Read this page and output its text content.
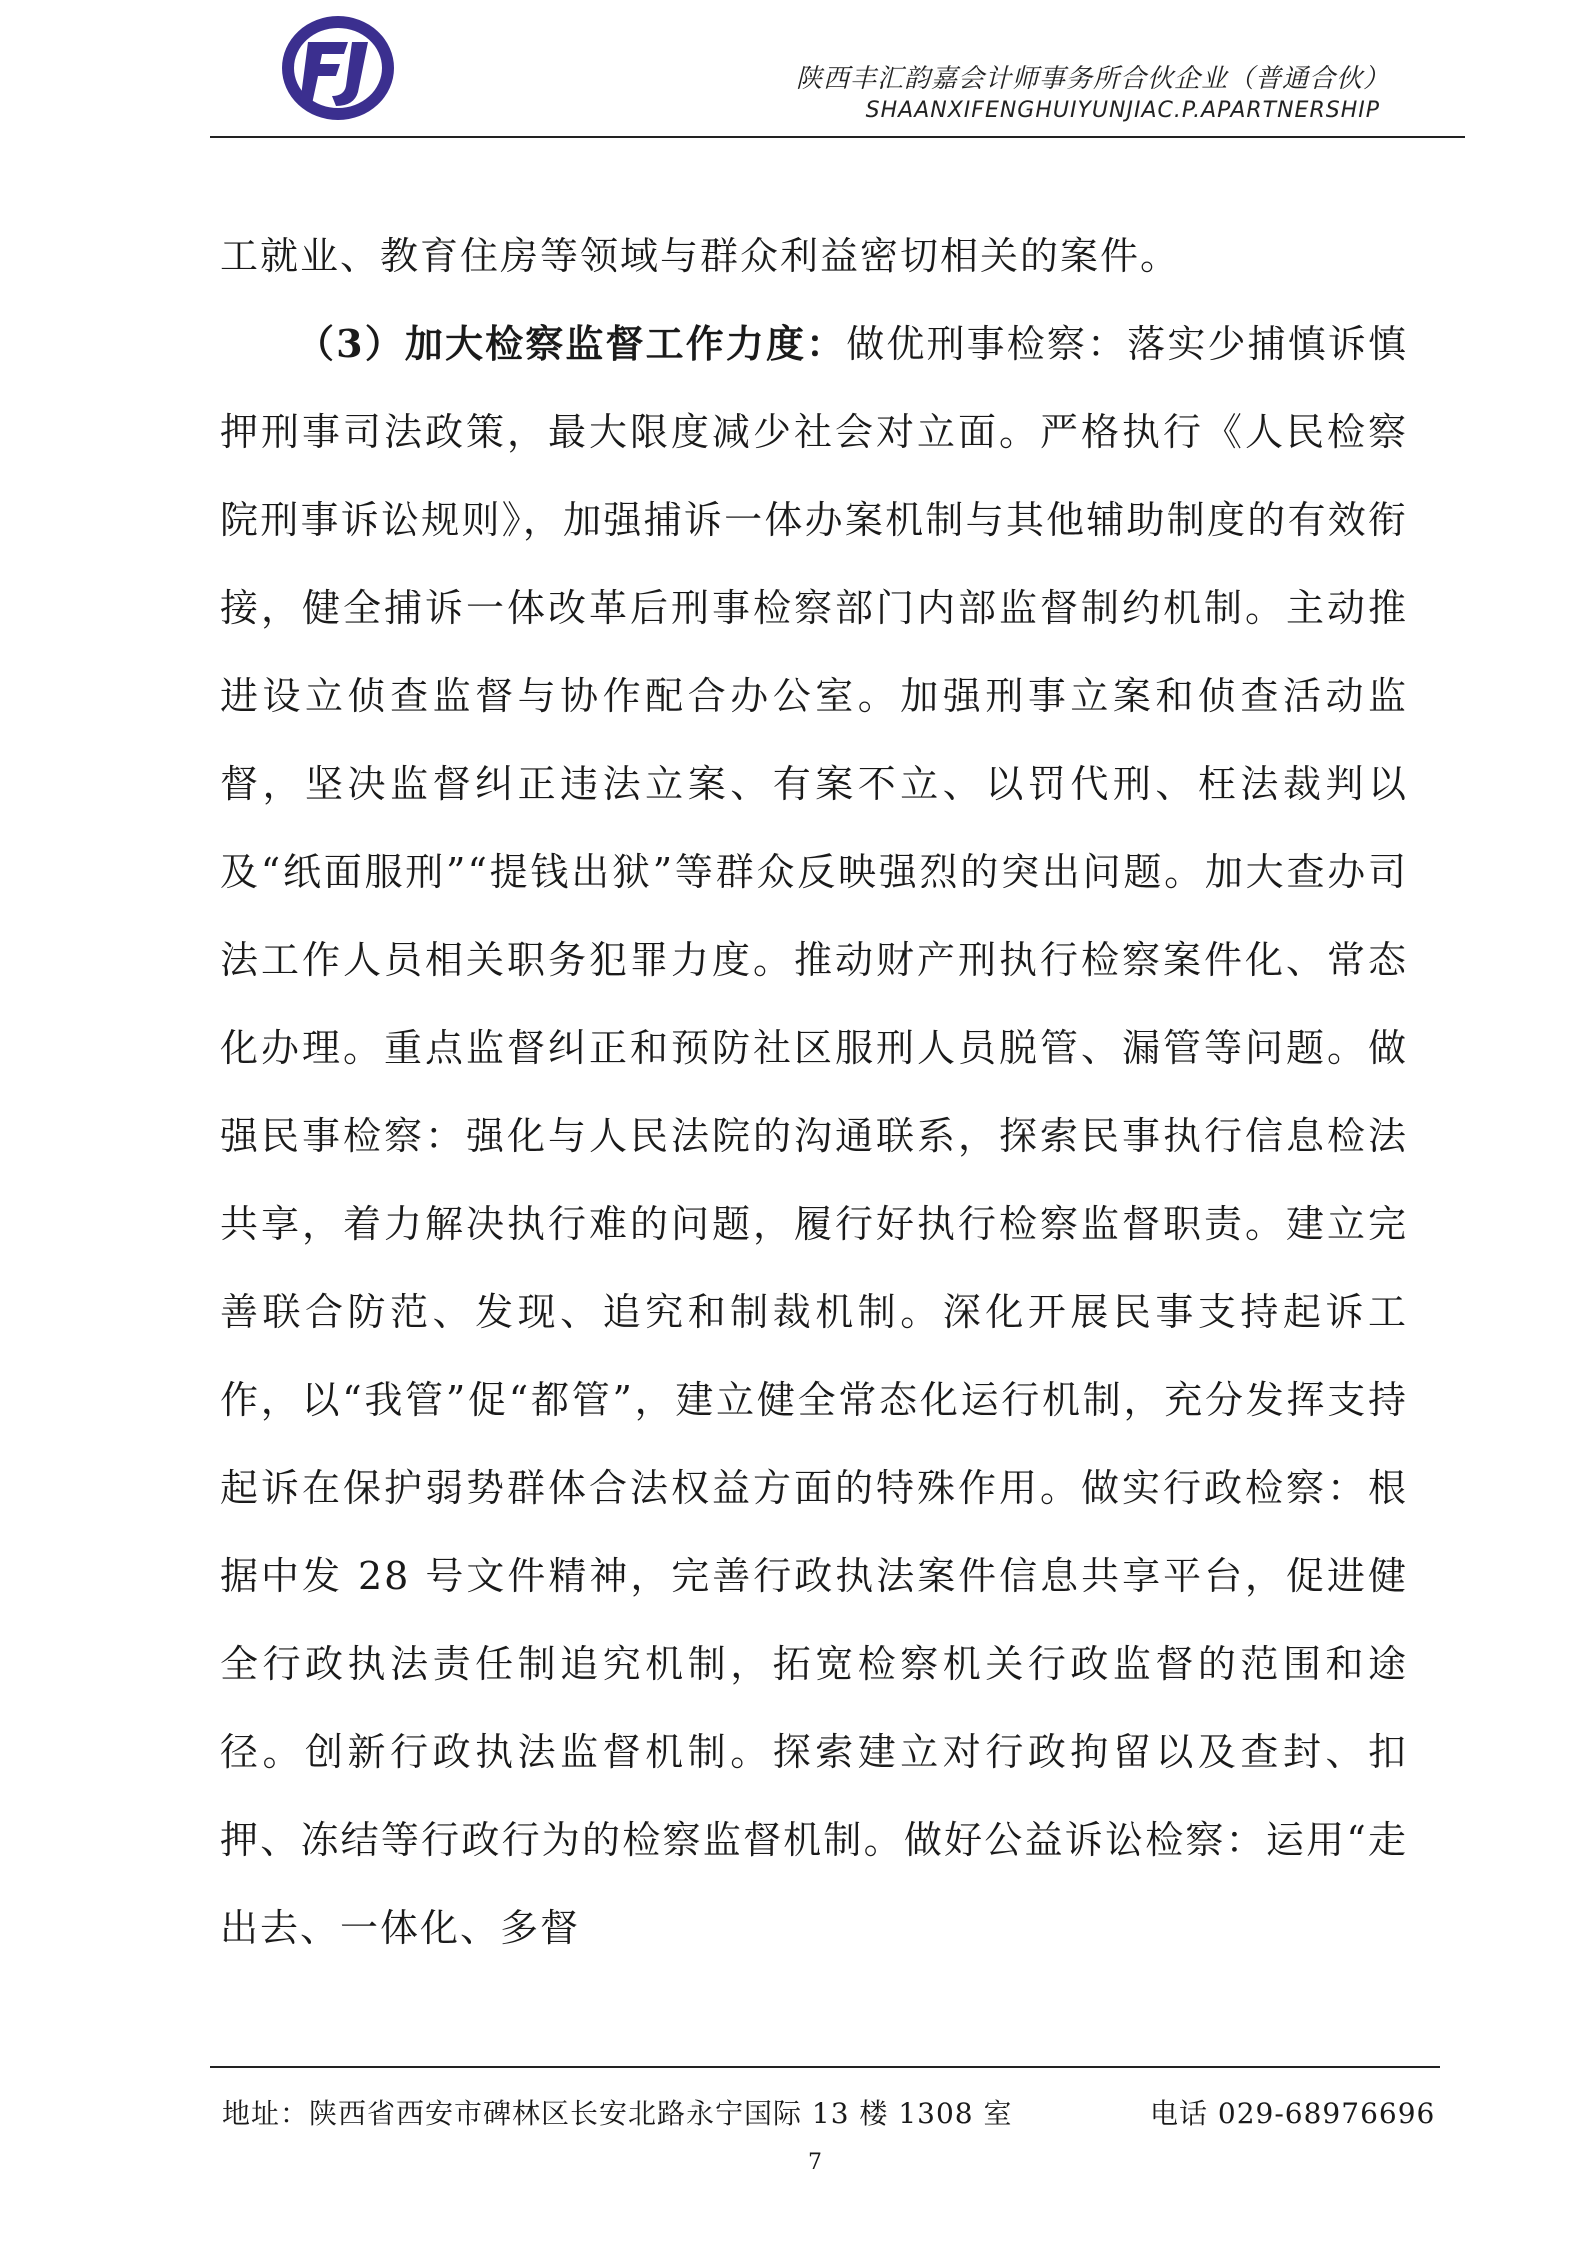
陕西丰汇韵嘉会计师事务所合伙企业（普通合伙）
SHAANXIFENGHUIYUNJIAC.P.APARTNERSHIP

工就业、教育住房等领域与群众利益密切相关的案件。

（3）加大检察监督工作力度：做优刑事检察：落实少捕慎诉慎押刑事司法政策，最大限度减少社会对立面。严格执行《人民检察院刑事诉讼规则》，加强捕诉一体办案机制与其他辅助制度的有效衔接，健全捕诉一体改革后刑事检察部门内部监督制约机制。主动推进设立侦查监督与协作配合办公室。加强刑事立案和侦查活动监督，坚决监督纠正违法立案、有案不立、以罚代刑、枉法裁判以及“纸面服刑”“提钱出狱”等群众反映强烈的突出问题。加大查办司法工作人员相关职务犯罪力度。推动财产刑执行检察案件化、常态化办理。重点监督纠正和预防社区服刑人员脱管、漏管等问题。做强民事检察：强化与人民法院的沟通联系，探索民事执行信息检法共享，着力解决执行难的问题，履行好执行检察监督职责。建立完善联合防范、发现、追究和制裁机制。深化开展民事支持起诉工作，以“我管”促“都管”，建立健全常态化运行机制，充分发挥支持起诉在保护弱势群体合法权益方面的特殊作用。做实行政检察：根据中发 28 号文件精神，完善行政执法案件信息共享平台，促进健全行政执法责任制追究机制，拓宽检察机关行政监督的范围和途径。创新行政执法监督机制。探索建立对行政拘留以及查封、扣押、冻结等行政行为的检察监督机制。做好公益诉讼检察：运用“走出去、一体化、多督

地址：陕西省西安市碑林区长安北路永宁国际 13 楼 1308 室	电话 029-68976696
7
